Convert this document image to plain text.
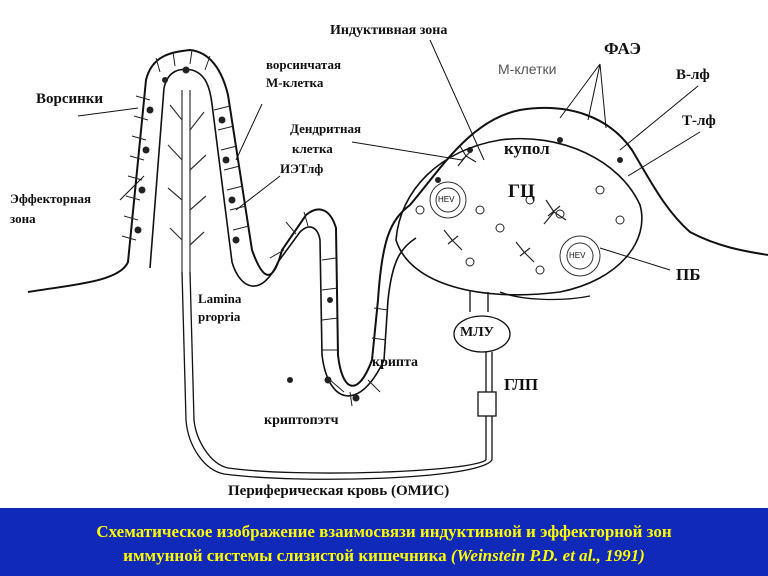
Индуктивная зона
ворсинчатая
М-клетка
М-клетки
ФАЭ
Ворсинки
В-лф
Т-лф
Дендритная
клетка	купол
ИЭТлф
Эффекторная
зона
ГЦ
ПБ
Lamina
propria
МЛУ
крипта
ГЛП
криптопэтч
Периферическая кровь (ОМИС)
HEV
HEV
Схематическое изображение взаимосвязи индуктивной и эффекторной зон
иммунной системы слизистой кишечника (Weinstein P.D. et al., 1991)
